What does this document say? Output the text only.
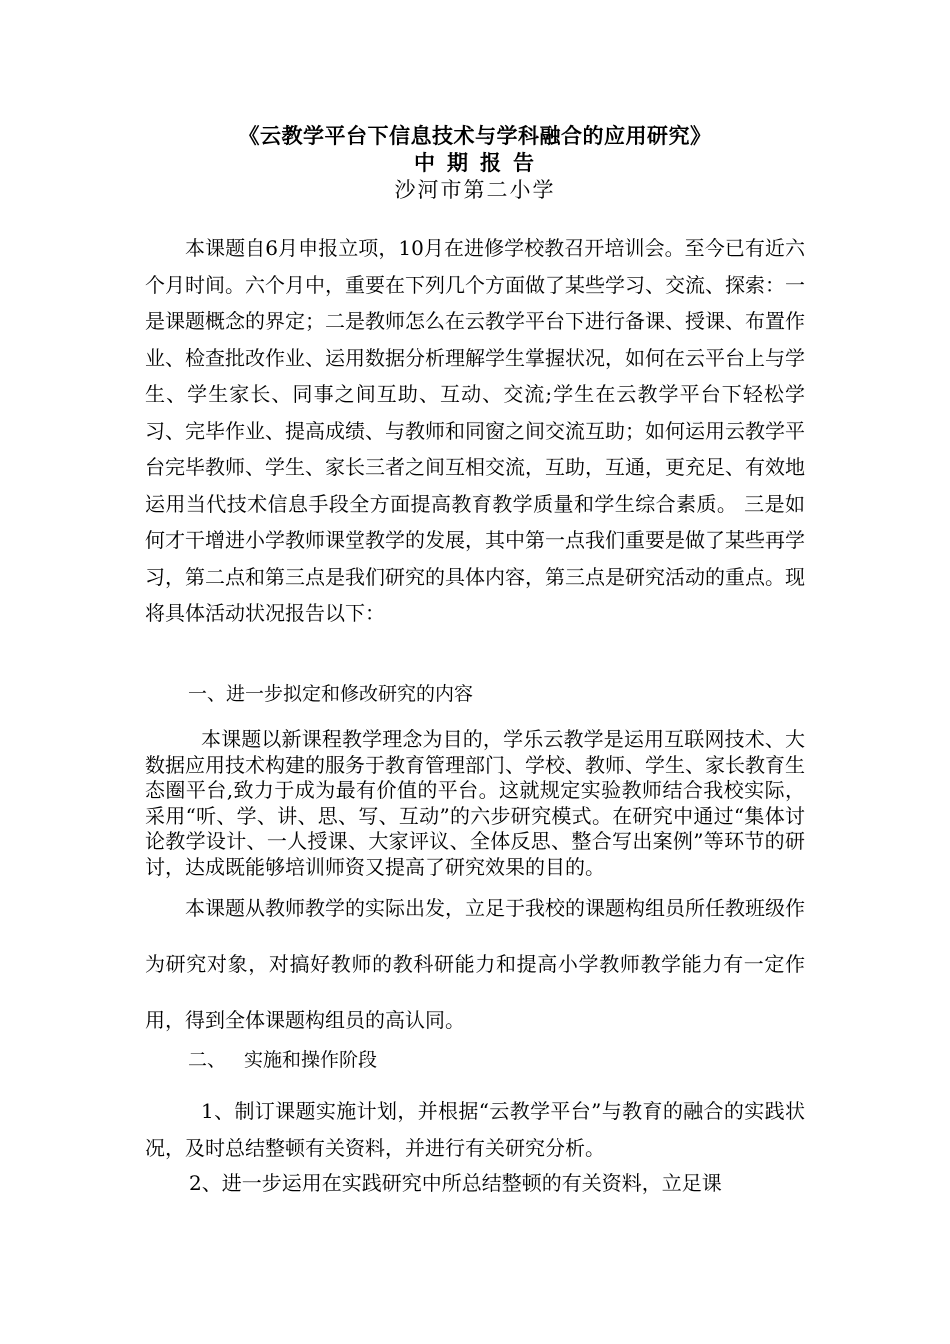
《云教学平台下信息技术与学科融合的应用研究》
中期报告
沙河市第二小学

本课题自6月申报立项，10月在进修学校教召开培训会。至今已有近六个月时间。六个月中，重要在下列几个方面做了某些学习、交流、探索：一是课题概念的界定；二是教师怎么在云教学平台下进行备课、授课、布置作业、检查批改作业、运用数据分析理解学生掌握状况，如何在云平台上与学生、学生家长、同事之间互助、互动、交流;学生在云教学平台下轻松学习、完毕作业、提高成绩、与教师和同窗之间交流互助；如何运用云教学平台完毕教师、学生、家长三者之间互相交流，互助，互通，更充足、有效地运用当代技术信息手段全方面提高教育教学质量和学生综合素质。 三是如何才干增进小学教师课堂教学的发展，其中第一点我们重要是做了某些再学习，第二点和第三点是我们研究的具体内容，第三点是研究活动的重点。现将具体活动状况报告以下：

一、进一步拟定和修改研究的内容

本课题以新课程教学理念为目的，学乐云教学是运用互联网技术、大数据应用技术构建的服务于教育管理部门、学校、教师、学生、家长教育生态圈平台,致力于成为最有价值的平台。这就规定实验教师结合我校实际，采用“听、学、讲、思、写、互动”的六步研究模式。在研究中通过“集体讨论教学设计、一人授课、大家评议、全体反思、整合写出案例”等环节的研讨，达成既能够培训师资又提高了研究效果的目的。

本课题从教师教学的实际出发，立足于我校的课题构组员所任教班级作为研究对象，对搞好教师的教科研能力和提高小学教师教学能力有一定作用，得到全体课题构组员的高认同。

二、 实施和操作阶段

1、制订课题实施计划，并根据“云教学平台”与教育的融合的实践状况，及时总结整顿有关资料，并进行有关研究分析。

2、进一步运用在实践研究中所总结整顿的有关资料，立足课
